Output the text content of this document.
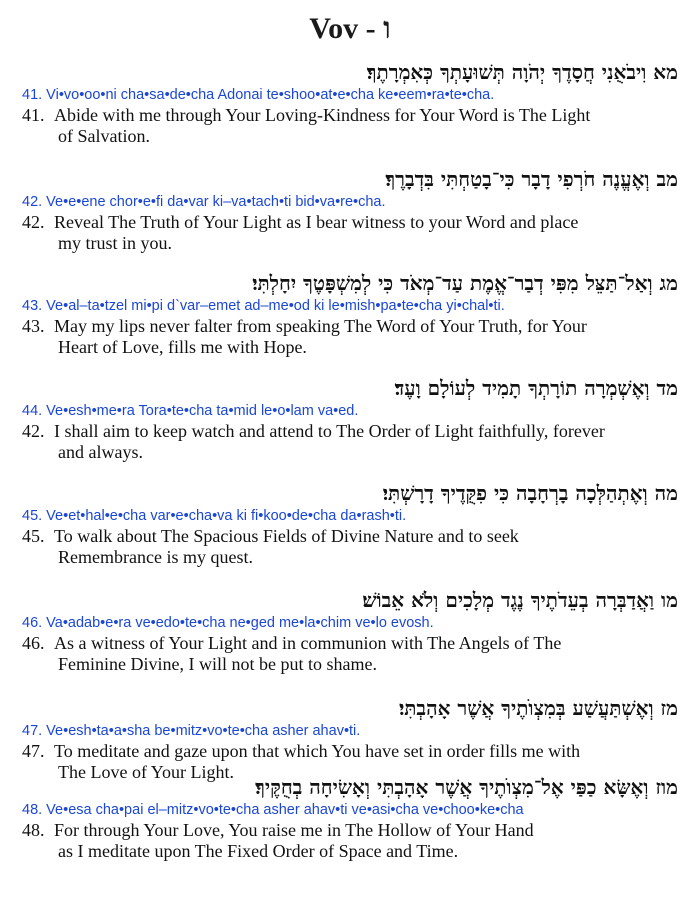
Vov - ו
מא וִיבֹאֻנִי חֲסָדֶךָ יְהֹוָה תְּשׁוּעָתְךָ כְּאִמְרָתֶךָ׃
41. Vi•vo•oo•ni cha•sa•de•cha Adonai te•shoo•at•e•cha ke•eem•ra•te•cha.
41. Abide with me through Your Loving-Kindness for Your Word is The Light
of Salvation.
מב וְאֶעֱנֶה חֹרְפִי דָבָר כִּי־בָטַחְתִּי בִּדְבָרֶךָ׃
42. Ve•e•ene chor•e•fi da•var ki–va•tach•ti bid•va•re•cha.
42. Reveal The Truth of Your Light as I bear witness to your Word and place
my trust in you.
מג וְאַל־תַּצֵּל מִפִּי דְבַר־אֱמֶת עַד־מְאֹד כִּי לְמִשְׁפָּטֶךָ יִחָלְתִּי׃
43. Ve•al–ta•tzel mi•pi d`var–emet ad–me•od ki le•mish•pa•te•cha yi•chal•ti.
43. May my lips never falter from speaking The Word of Your Truth, for Your
Heart of Love, fills me with Hope.
מד וְאֶשְׁמְרָה תוֹרָתְךָ תָמִיד לְעוֹלָם וָעֶד׃
44. Ve•esh•me•ra Tora•te•cha ta•mid le•o•lam va•ed.
42. I shall aim to keep watch and attend to The Order of Light faithfully, forever
and always.
מה וְאֶתְהַלְּכָה בָרְחָבָה כִּי פִקֻּדֶיךָ דָרָשְׁתִּי׃
45. Ve•et•hal•e•cha var•e•cha•va ki fi•koo•de•cha da•rash•ti.
45. To walk about The Spacious Fields of Divine Nature and to seek
Remembrance is my quest.
מו וַאֲדַבְּרָה בְעֵדֹתֶיךָ נֶגֶד מְלָכִים וְלֹא אֵבוֹשׁ׃
46. Va•adab•e•ra ve•edo•te•cha ne•ged me•la•chim ve•lo evosh.
46. As a witness of Your Light and in communion with The Angels of The
Feminine Divine, I will not be put to shame.
מז וְאֶשְׁתַּעֲשַׁע בְּמִצְוֺתֶיךָ אֲשֶׁר אָהָבְתִּי׃
47. Ve•esh•ta•a•sha be•mitz•vo•te•cha asher ahav•ti.
47. To meditate and gaze upon that which You have set in order fills me with
The Love of Your Light.
מוז וְאֶשָּׂא כַפַּי אֶל־מִצְוֺתֶיךָ אֲשֶׁר אָהָבְתִּי וְאָשִׂיחָה בְחֻקֶּיךָ׃
48. Ve•esa cha•pai el–mitz•vo•te•cha asher ahav•ti ve•asi•cha ve•choo•ke•cha
48. For through Your Love, You raise me in The Hollow of Your Hand
as I meditate upon The Fixed Order of Space and Time.
